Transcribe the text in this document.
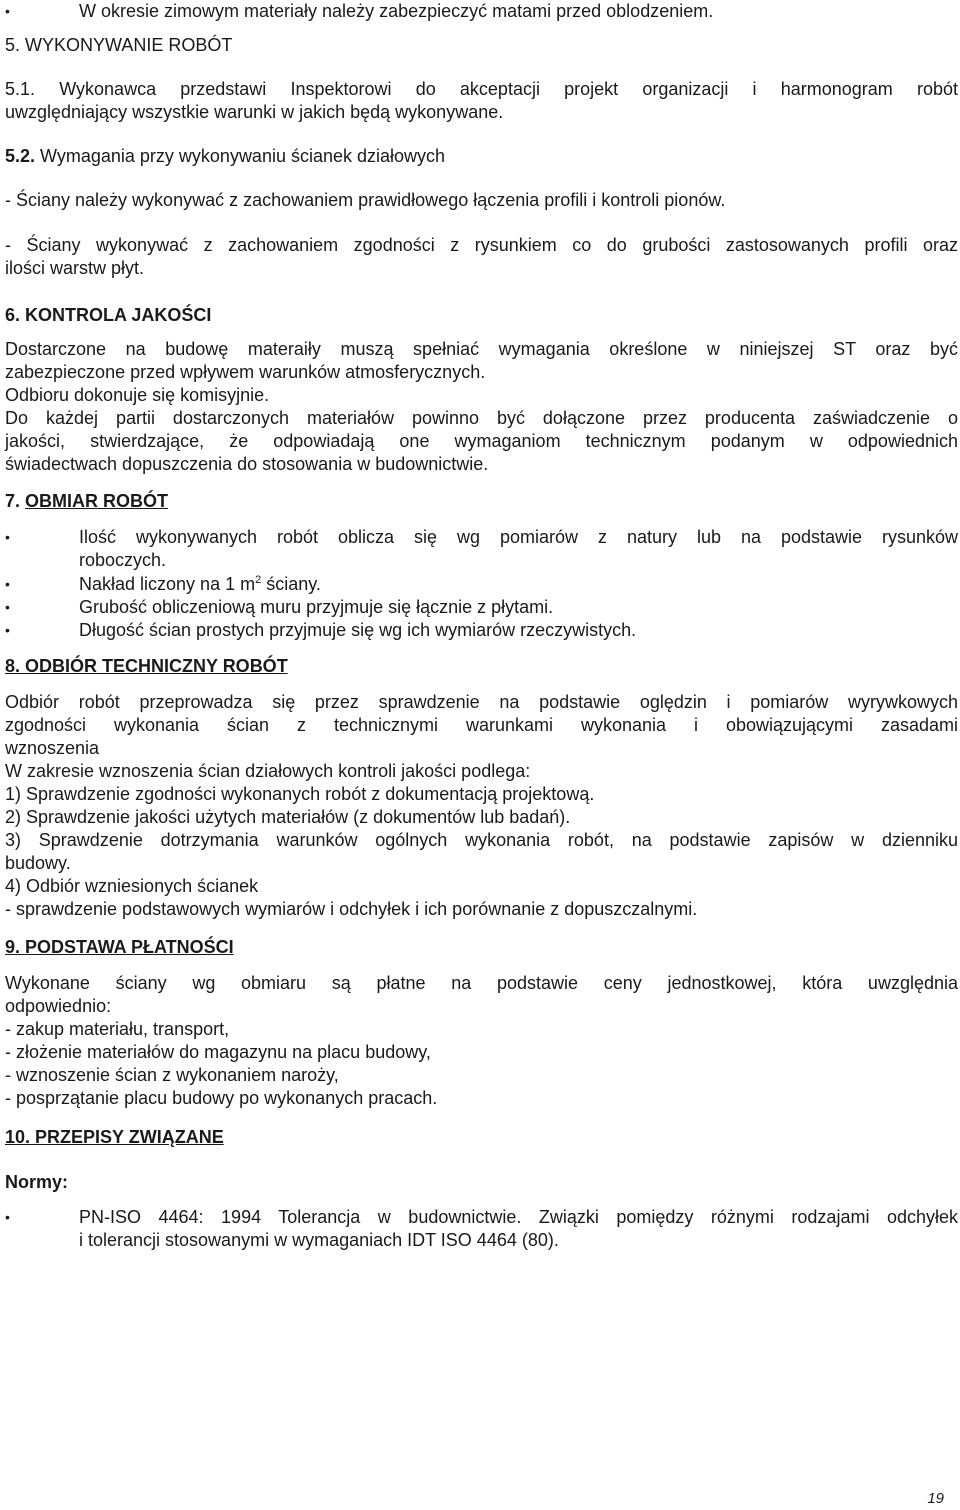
•	W okresie zimowym materiały należy zabezpieczyć matami przed oblodzeniem.

5. WYKONYWANIE ROBÓT

5.1. Wykonawca przedstawi Inspektorowi do akceptacji projekt organizacji i harmonogram robót

uwzględniający wszystkie warunki w jakich będą wykonywane.

5.2. Wymagania przy wykonywaniu ścianek działowych

- Ściany należy wykonywać z zachowaniem prawidłowego łączenia profili i kontroli pionów.

- Ściany wykonywać z zachowaniem zgodności z rysunkiem co do grubości zastosowanych profili oraz

ilości warstw płyt.

6. KONTROLA JAKOŚCI

Dostarczone na budowę materaiły muszą spełniać wymagania określone w niniejszej ST oraz być

zabezpieczone przed wpływem warunków atmosferycznych.

Odbioru dokonuje się komisyjnie.

Do każdej partii dostarczonych materiałów powinno być dołączone przez producenta zaświadczenie o

jakości, stwierdzające, że odpowiadają one wymaganiom technicznym podanym w odpowiednich

świadectwach dopuszczenia do stosowania w budownictwie.

7. OBMIAR ROBÓT

•	Ilość wykonywanych robót oblicza się wg pomiarów z natury lub na podstawie rysunków

roboczych.

•	Nakład liczony na 1 $m^2$ ściany.

•	Grubość obliczeniową muru przyjmuje się łącznie z płytami.

•	Długość ścian prostych przyjmuje się wg ich wymiarów rzeczywistych.

8. ODBIÓR TECHNICZNY ROBÓT

Odbiór robót przeprowadza się przez sprawdzenie na podstawie oględzin i pomiarów wyrywkowych

zgodności wykonania ścian z technicznymi warunkami wykonania i obowiązującymi zasadami

wznoszenia

W zakresie wznoszenia ścian działowych kontroli jakości podlega:

1) Sprawdzenie zgodności wykonanych robót z dokumentacją projektową.

2) Sprawdzenie jakości użytych materiałów (z dokumentów lub badań).

3) Sprawdzenie dotrzymania warunków ogólnych wykonania robót, na podstawie zapisów w dzienniku

budowy.

4) Odbiór wzniesionych ścianek

- sprawdzenie podstawowych wymiarów i odchyłek i ich porównanie z dopuszczalnymi.

9. PODSTAWA PŁATNOŚCI

Wykonane ściany wg obmiaru są płatne na podstawie ceny jednostkowej, która uwzględnia

odpowiednio:

- zakup materiału, transport,

- złożenie materiałów do magazynu na placu budowy,

- wznoszenie ścian z wykonaniem naroży,

- posprzątanie placu budowy po wykonanych pracach.

10. PRZEPISY ZWIĄZANE

Normy:

•	PN-ISO 4464: 1994 Tolerancja w budownictwie. Związki pomiędzy różnymi rodzajami odchyłek

i tolerancji stosowanymi w wymaganiach IDT ISO 4464 (80).

19
